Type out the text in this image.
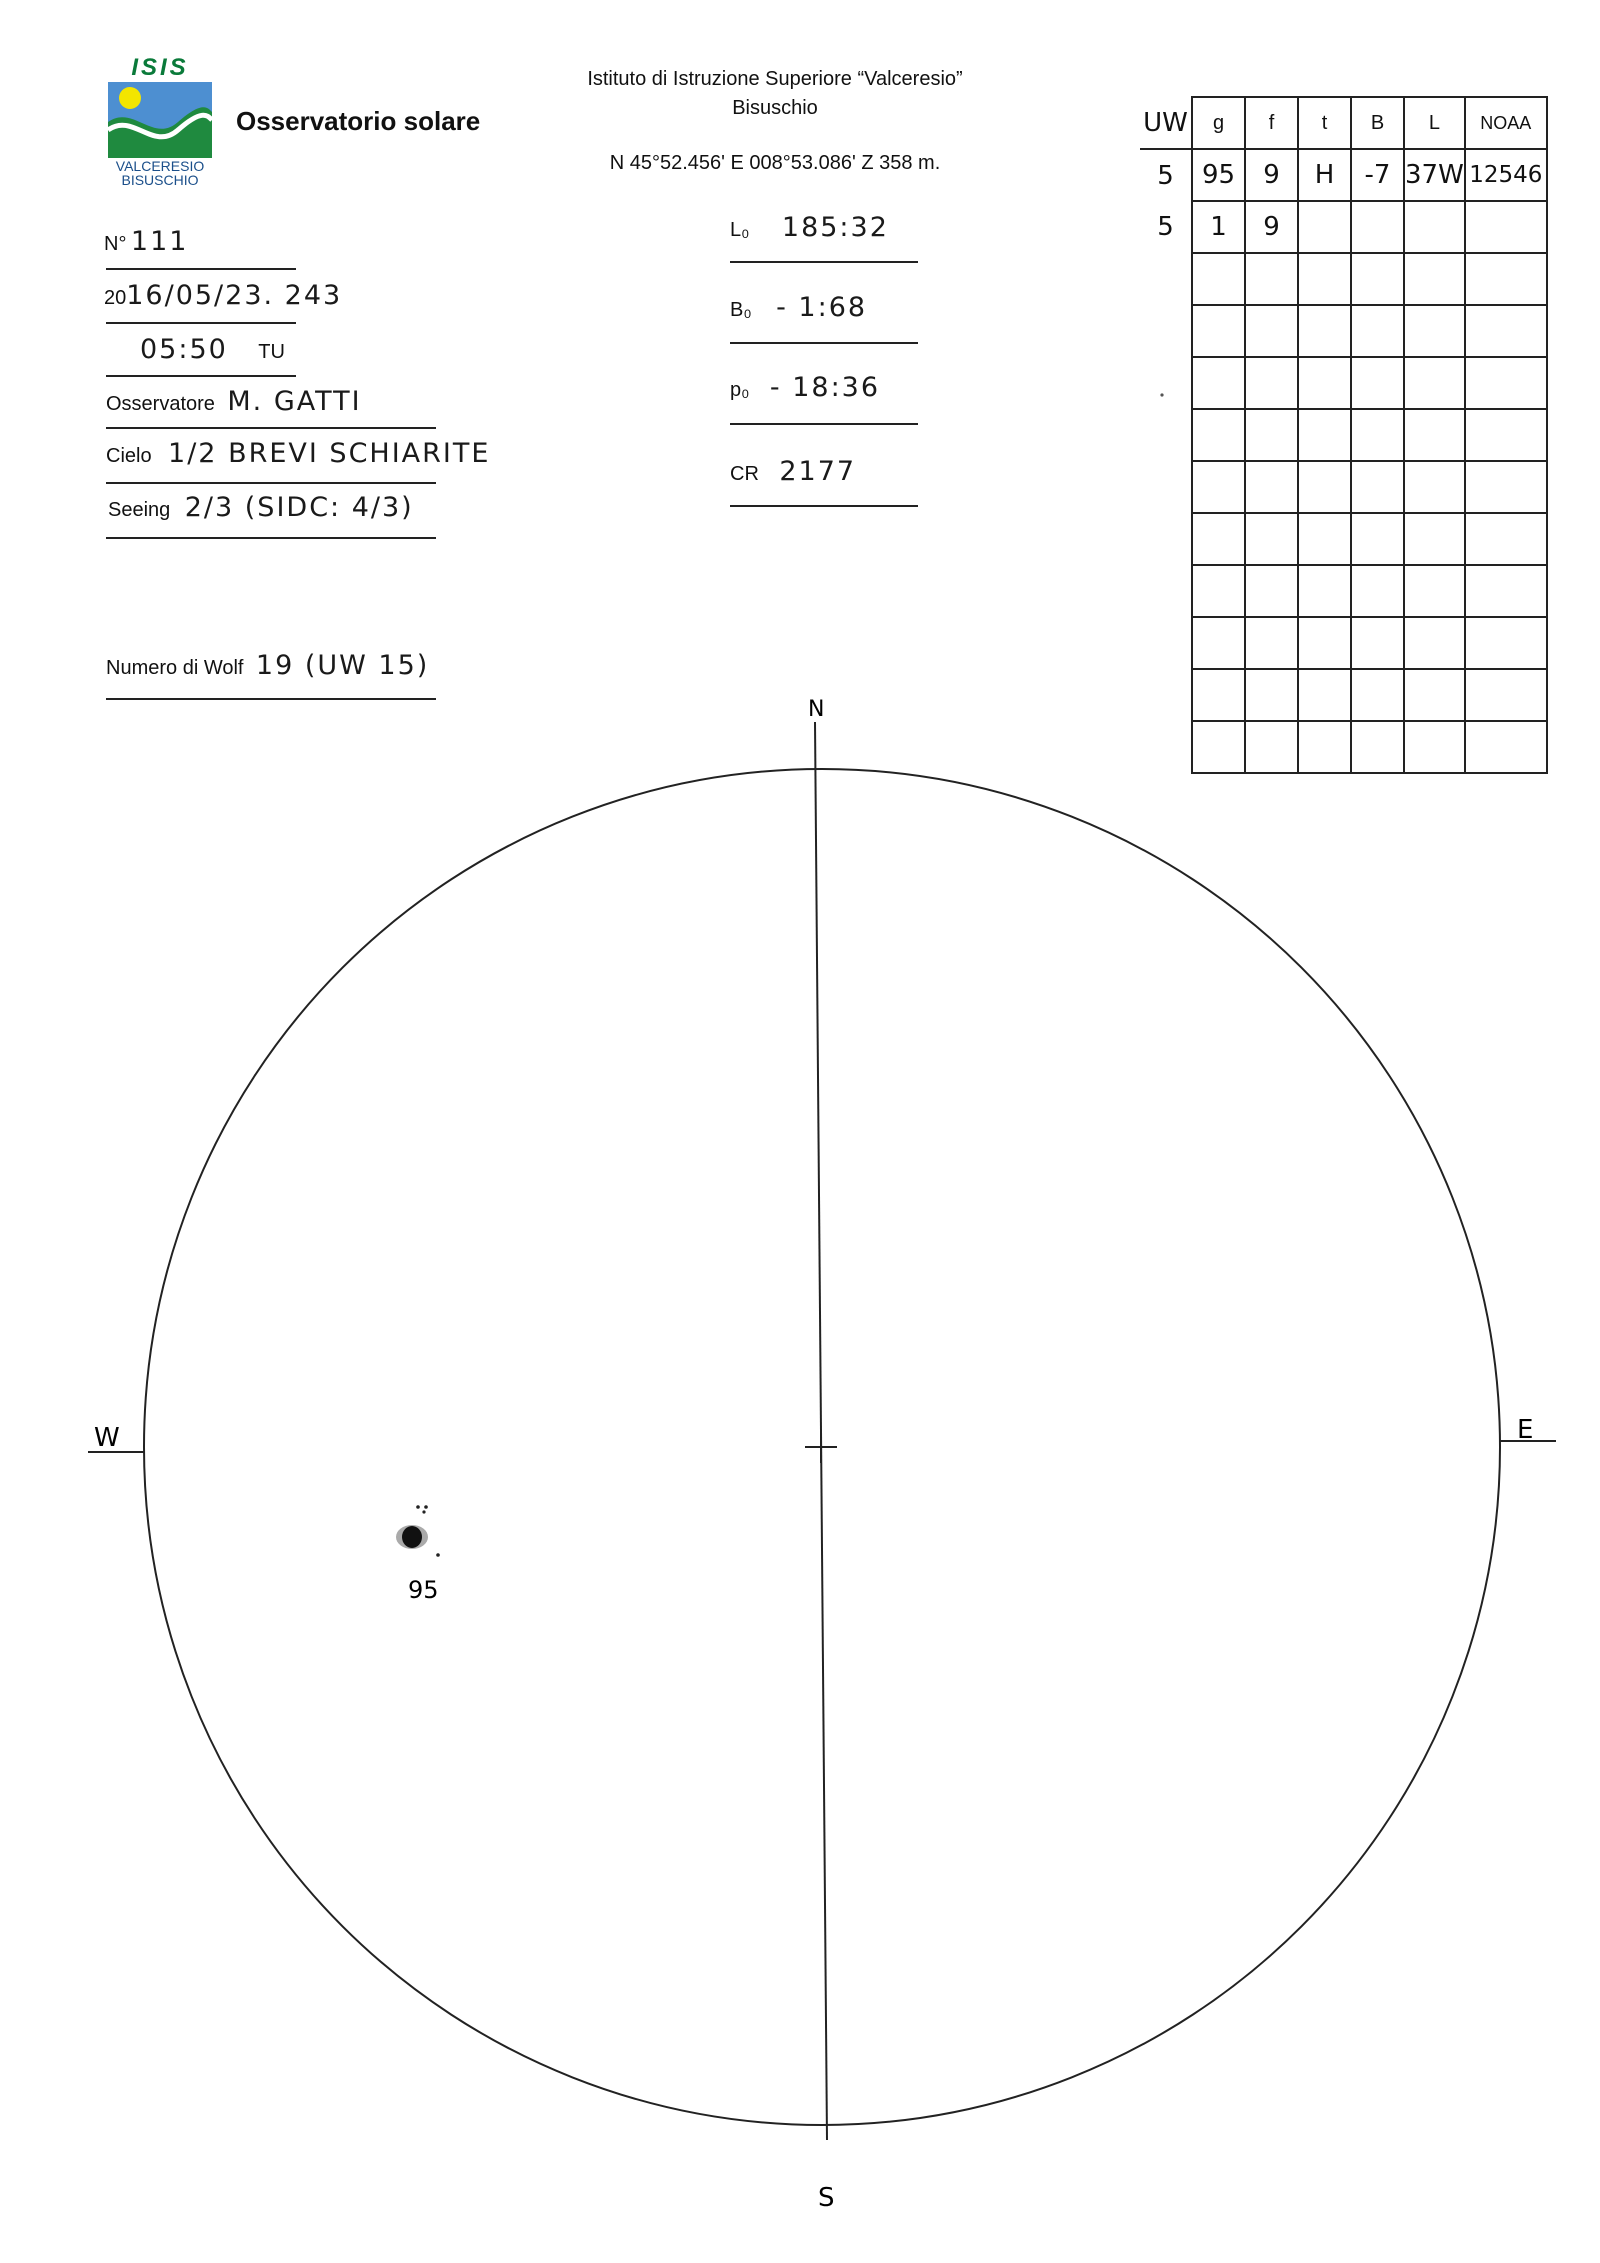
ISIS
VALCERESIO
BISUSCHIO
Osservatorio solare
Istituto di Istruzione Superiore “Valceresio”
Bisuschio
N 45°52.456' E 008°53.086' Z 358 m.
N° 111
2016/05/23. 243
05:50 TU
Osservatore M. GATTI
Cielo 1/2 BREVI SCHIARITE
Seeing 2/3 (SIDC: 4/3)
Numero di Wolf 19 (UW 15)
L₀ 185:32
B₀ - 1:68
p₀ - 18:36
CR 2177
UW	g	f	t	B	L	NOAA
5	95	9	H	-7	37W	12546
5	1	9				

N
S
W	E
95
